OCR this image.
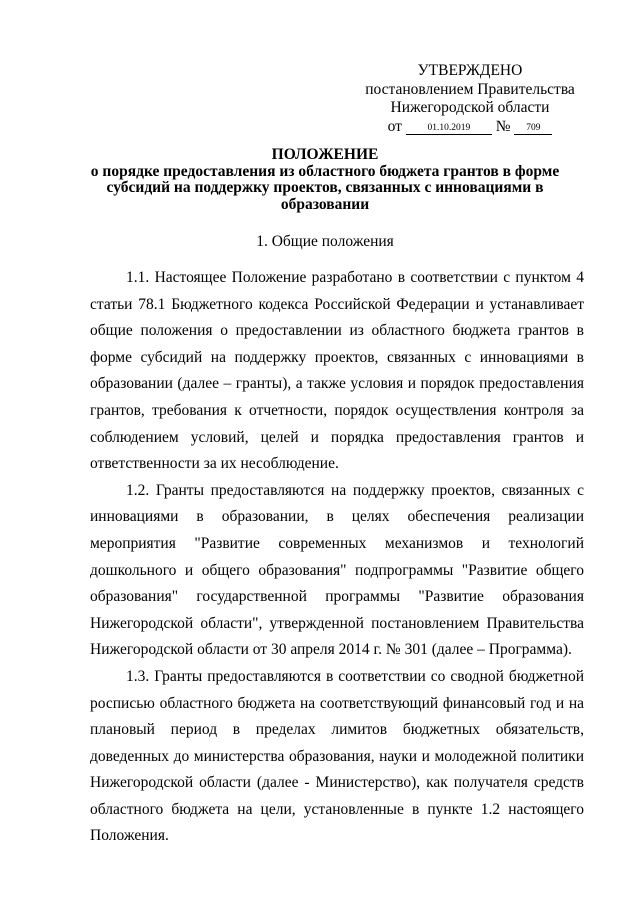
УТВЕРЖДЕНО
постановлением Правительства
Нижегородской области
от	01.10.2019 № 709
ПОЛОЖЕНИЕ
о порядке предоставления из областного бюджета грантов в форме субсидий на поддержку проектов, связанных с инновациями в образовании
1. Общие положения

1.1. Настоящее Положение разработано в соответствии с пунктом 4 статьи 78.1 Бюджетного кодекса Российской Федерации и устанавливает общие положения о предоставлении из областного бюджета грантов в форме субсидий на поддержку проектов, связанных с инновациями в образовании (далее – гранты), а также условия и порядок предоставления грантов, требования к отчетности, порядок осуществления контроля за соблюдением условий, целей и порядка предоставления грантов и ответственности за их несоблюдение.

1.2. Гранты предоставляются на поддержку проектов, связанных с инновациями в образовании, в целях обеспечения реализации мероприятия "Развитие современных механизмов и технологий дошкольного и общего образования" подпрограммы "Развитие общего образования" государственной программы "Развитие образования Нижегородской области", утвержденной постановлением Правительства Нижегородской области от 30 апреля 2014 г. № 301 (далее – Программа).

1.3. Гранты предоставляются в соответствии со сводной бюджетной росписью областного бюджета на соответствующий финансовый год и на плановый период в пределах лимитов бюджетных обязательств, доведенных до министерства образования, науки и молодежной политики Нижегородской области (далее - Министерство), как получателя средств областного бюджета на цели, установленные в пункте 1.2 настоящего Положения.
